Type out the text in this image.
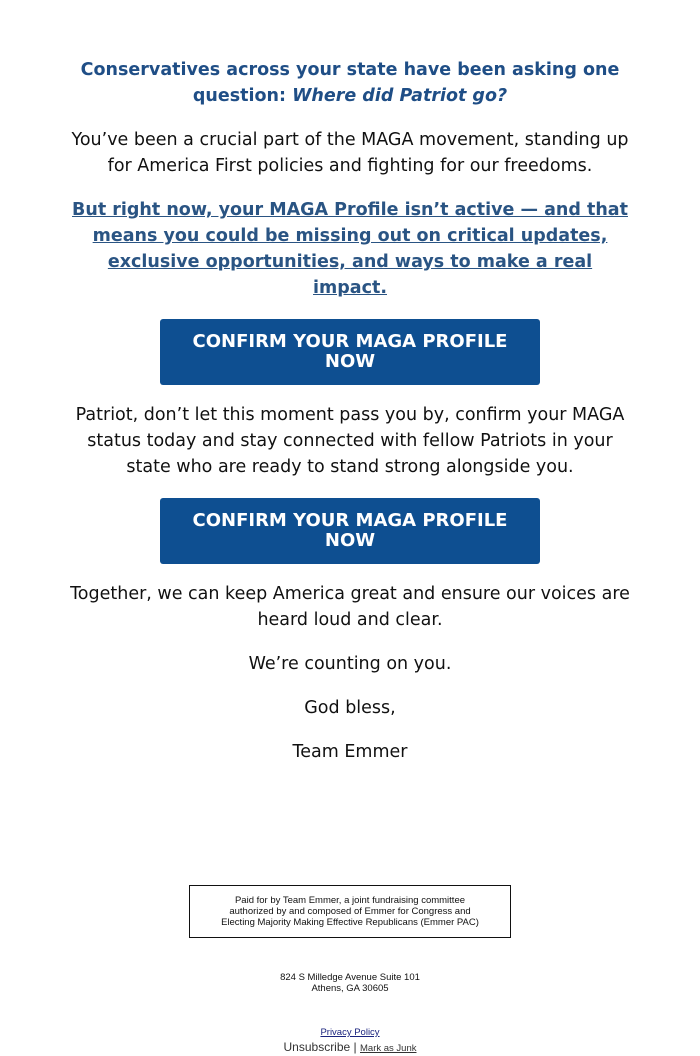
Conservatives across your state have been asking one question: Where did Patriot go?

You’ve been a crucial part of the MAGA movement, standing up for America First policies and fighting for our freedoms.

But right now, your MAGA Profile isn’t active — and that means you could be missing out on critical updates, exclusive opportunities, and ways to make a real impact.

CONFIRM YOUR MAGA PROFILE NOW

Patriot, don’t let this moment pass you by, confirm your MAGA status today and stay connected with fellow Patriots in your state who are ready to stand strong alongside you.

CONFIRM YOUR MAGA PROFILE NOW

Together, we can keep America great and ensure our voices are heard loud and clear.

We’re counting on you.

God bless,

Team Emmer

Paid for by Team Emmer, a joint fundraising committee
authorized by and composed of Emmer for Congress and
Electing Majority Making Effective Republicans (Emmer PAC)
824 S Milledge Avenue Suite 101
Athens, GA 30605
Privacy Policy
Unsubscribe | Mark as Junk
